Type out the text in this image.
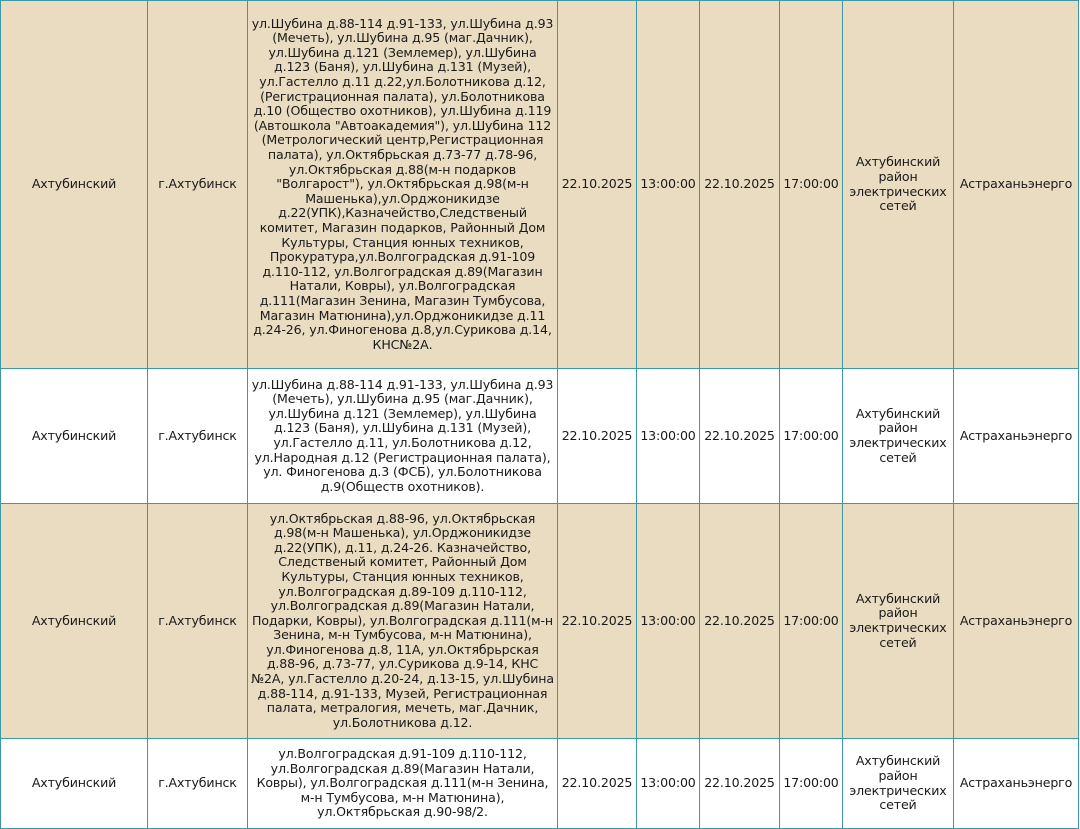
Ахтубинский	г.Ахтубинск	ул.Шубина д.88-114 д.91-133, ул.Шубина д.93 (Мечеть), ул.Шубина д.95 (маг.Дачник), ул.Шубина д.121 (Землемер), ул.Шубина д.123 (Баня), ул.Шубина д.131 (Музей), ул.Гастелло д.11 д.22,ул.Болотникова д.12, (Регистрационная палата), ул.Болотникова д.10 (Общество охотников), ул.Шубина д.119 (Автошкола "Автоакадемия"), ул.Шубина 112 (Метрологический центр,Регистрационная палата), ул.Октябрьская д.73-77 д.78-96, ул.Октябрьская д.88(м-н подарков "Волгарост"), ул.Октябрьская д.98(м-н Машенька),ул.Орджоникидзе д.22(УПК),Казначейство,Следственый комитет, Магазин подарков, Районный Дом Культуры, Станция юнных техников, Прокуратура,ул.Волгоградская д.91-109 д.110-112, ул.Волгоградская д.89(Магазин Натали, Ковры), ул.Волгоградская д.111(Магазин Зенина, Магазин Тумбусова, Магазин Матюнина),ул.Орджоникидзе д.11 д.24-26, ул.Финогенова д.8,ул.Сурикова д.14, КНС№2А.	22.10.2025	13:00:00	22.10.2025	17:00:00	Ахтубинский район электрических сетей	Астраханьэнерго
Ахтубинский	г.Ахтубинск	ул.Шубина д.88-114 д.91-133, ул.Шубина д.93 (Мечеть), ул.Шубина д.95 (маг.Дачник), ул.Шубина д.121 (Землемер), ул.Шубина д.123 (Баня), ул.Шубина д.131 (Музей), ул.Гастелло д.11, ул.Болотникова д.12, ул.Народная д.12 (Регистрационная палата), ул. Финогенова д.3 (ФСБ), ул.Болотникова д.9(Обществ охотников).	22.10.2025	13:00:00	22.10.2025	17:00:00	Ахтубинский район электрических сетей	Астраханьэнерго
Ахтубинский	г.Ахтубинск	ул.Октябрьская д.88-96, ул.Октябрьская д.98(м-н Машенька), ул.Орджоникидзе д.22(УПК), д.11, д.24-26. Казначейство, Следственый комитет, Районный Дом Культуры, Станция юнных техников, ул.Волгоградская д.89-109 д.110-112, ул.Волгоградская д.89(Магазин Натали, Подарки, Ковры), ул.Волгоградская д.111(м-н Зенина, м-н Тумбусова, м-н Матюнина), ул.Финогенова д.8, 11А, ул.Октябрьрская д.88-96, д.73-77, ул.Сурикова д.9-14, КНС №2А, ул.Гастелло д.20-24, д.13-15, ул.Шубина д.88-114, д.91-133, Музей, Регистрационная палата, метралогия, мечеть, маг.Дачник, ул.Болотникова д.12.	22.10.2025	13:00:00	22.10.2025	17:00:00	Ахтубинский район электрических сетей	Астраханьэнерго
Ахтубинский	г.Ахтубинск	ул.Волгоградская д.91-109 д.110-112, ул.Волгоградская д.89(Магазин Натали, Ковры), ул.Волгоградская д.111(м-н Зенина, м-н Тумбусова, м-н Матюнина), ул.Октябрьская д.90-98/2.	22.10.2025	13:00:00	22.10.2025	17:00:00	Ахтубинский район электрических сетей	Астраханьэнерго
